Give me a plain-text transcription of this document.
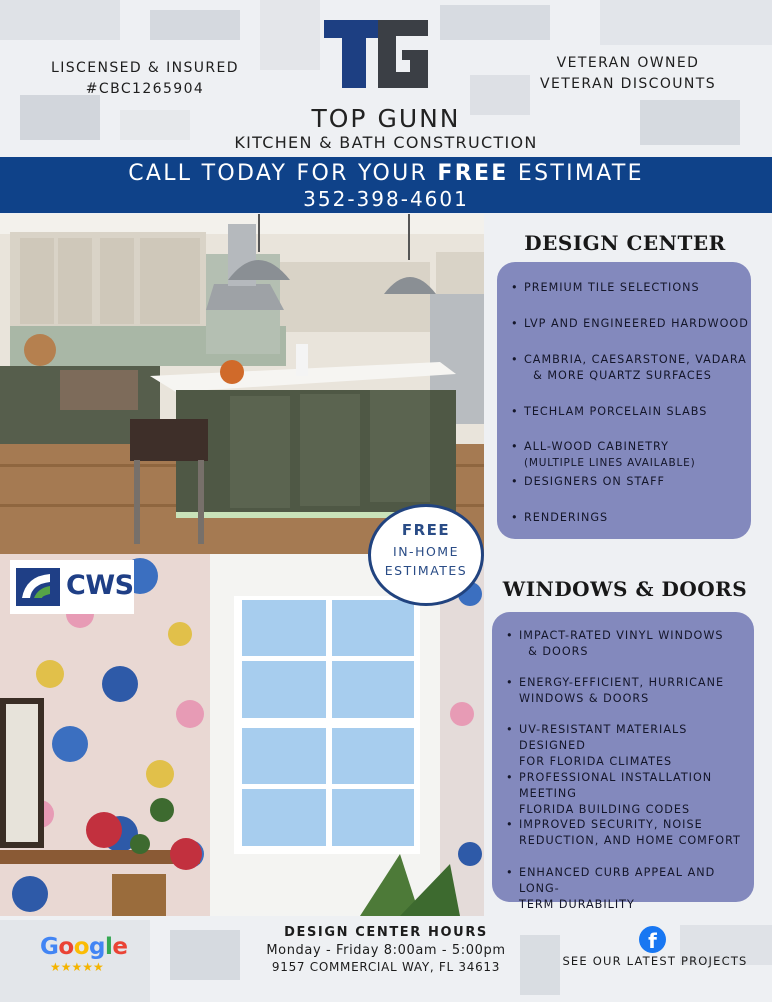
LISCENSED & INSURED
#CBC1265904
VETERAN OWNED
VETERAN DISCOUNTS
TOP GUNN
KITCHEN & BATH CONSTRUCTION
CALL TODAY FOR YOUR FREE ESTIMATE
352-398-4601
CWS
FREE
IN-HOME
ESTIMATES
DESIGN CENTER
• PREMIUM TILE SELECTIONS
• LVP AND ENGINEERED HARDWOOD
• CAMBRIA, CAESARSTONE, VADARA
& MORE QUARTZ SURFACES
• TECHLAM PORCELAIN SLABS
• ALL-WOOD CABINETRY
(MULTIPLE LINES AVAILABLE)
• DESIGNERS ON STAFF
• RENDERINGS
WINDOWS & DOORS
• IMPACT-RATED VINYL WINDOWS
& DOORS
• ENERGY-EFFICIENT, HURRICANE
WINDOWS & DOORS
• UV-RESISTANT MATERIALS DESIGNED
FOR FLORIDA CLIMATES
• PROFESSIONAL INSTALLATION MEETING
FLORIDA BUILDING CODES
• IMPROVED SECURITY, NOISE
REDUCTION, AND HOME COMFORT
• ENHANCED CURB APPEAL AND LONG-
TERM DURABILITY
Google
★★★★★
DESIGN CENTER HOURS
Monday - Friday 8:00am - 5:00pm
9157 COMMERCIAL WAY, FL 34613
f
SEE OUR LATEST PROJECTS
